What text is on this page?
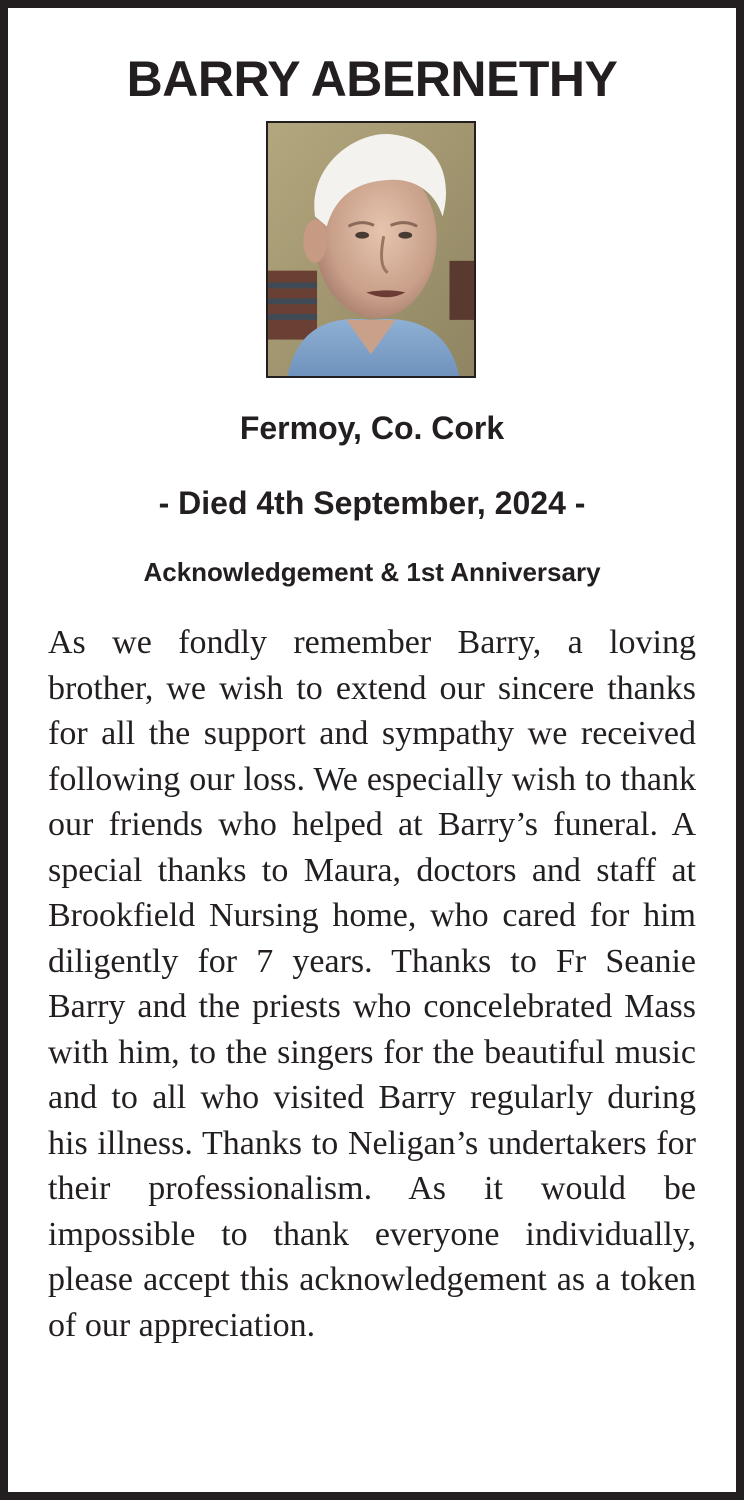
BARRY ABERNETHY
Fermoy, Co. Cork
- Died 4th September, 2024 -
Acknowledgement & 1st Anniversary
As we fondly remember Barry, a loving brother, we wish to extend our sincere thanks for all the support and sympathy we received following our loss. We especially wish to thank our friends who helped at Barry’s funeral. A special thanks to Maura, doctors and staff at Brookfield Nursing home, who cared for him diligently for 7 years. Thanks to Fr Seanie Barry and the priests who concelebrated Mass with him, to the singers for the beautiful music and to all who visited Barry regularly during his illness. Thanks to Neligan’s undertakers for their professionalism. As it would be impossible to thank everyone individually, please accept this acknowledgement as a token of our appreciation.
